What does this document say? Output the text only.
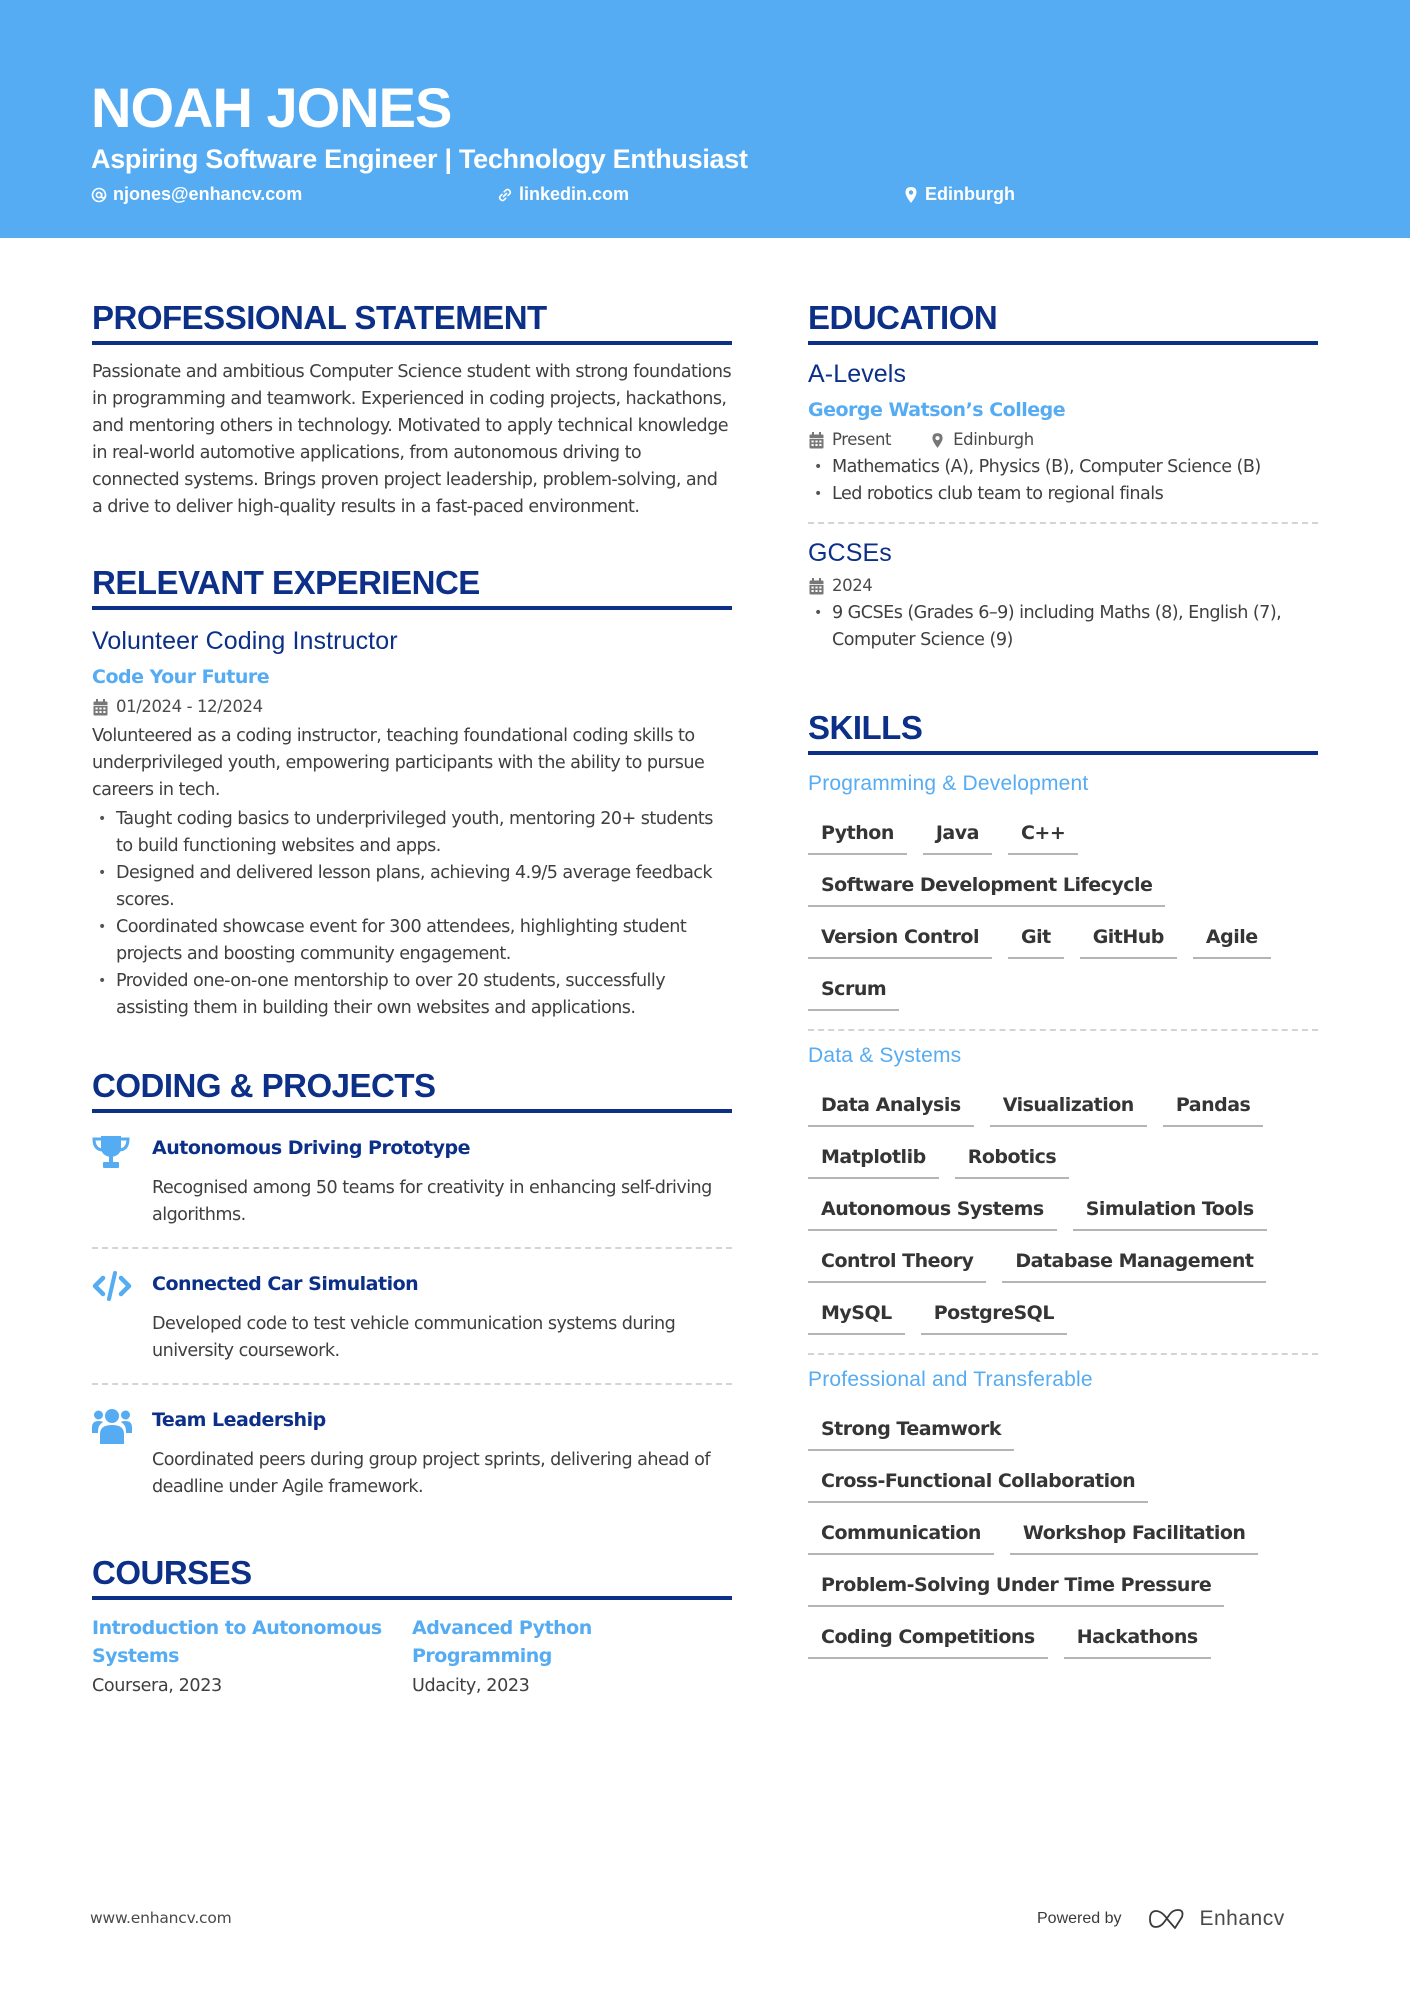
NOAH JONES
Aspiring Software Engineer | Technology Enthusiast
njones@enhancv.com	linkedin.com	Edinburgh
PROFESSIONAL STATEMENT
Passionate and ambitious Computer Science student with strong foundations in programming and teamwork. Experienced in coding projects, hackathons, and mentoring others in technology. Motivated to apply technical knowledge in real-world automotive applications, from autonomous driving to connected systems. Brings proven project leadership, problem-solving, and a drive to deliver high-quality results in a fast-paced environment.
RELEVANT EXPERIENCE
Volunteer Coding Instructor
Code Your Future
01/2024 - 12/2024
Volunteered as a coding instructor, teaching foundational coding skills to underprivileged youth, empowering participants with the ability to pursue careers in tech.
• Taught coding basics to underprivileged youth, mentoring 20+ students to build functioning websites and apps.
• Designed and delivered lesson plans, achieving 4.9/5 average feedback scores.
• Coordinated showcase event for 300 attendees, highlighting student projects and boosting community engagement.
• Provided one-on-one mentorship to over 20 students, successfully assisting them in building their own websites and applications.
CODING & PROJECTS
Autonomous Driving Prototype
Recognised among 50 teams for creativity in enhancing self-driving algorithms.
Connected Car Simulation
Developed code to test vehicle communication systems during university coursework.
Team Leadership
Coordinated peers during group project sprints, delivering ahead of deadline under Agile framework.
COURSES
Introduction to Autonomous Systems
Coursera, 2023
Advanced Python Programming
Udacity, 2023
EDUCATION
A-Levels
George Watson’s College
Present	Edinburgh
• Mathematics (A), Physics (B), Computer Science (B)
• Led robotics club team to regional finals
GCSEs
2024
• 9 GCSEs (Grades 6–9) including Maths (8), English (7), Computer Science (9)
SKILLS
Programming & Development
Python	Java	C++
Software Development Lifecycle
Version Control	Git	GitHub	Agile
Scrum
Data & Systems
Data Analysis	Visualization	Pandas
Matplotlib	Robotics
Autonomous Systems	Simulation Tools
Control Theory	Database Management
MySQL	PostgreSQL
Professional and Transferable
Strong Teamwork
Cross-Functional Collaboration
Communication	Workshop Facilitation
Problem-Solving Under Time Pressure
Coding Competitions	Hackathons
www.enhancv.com	Powered by	Enhancv
